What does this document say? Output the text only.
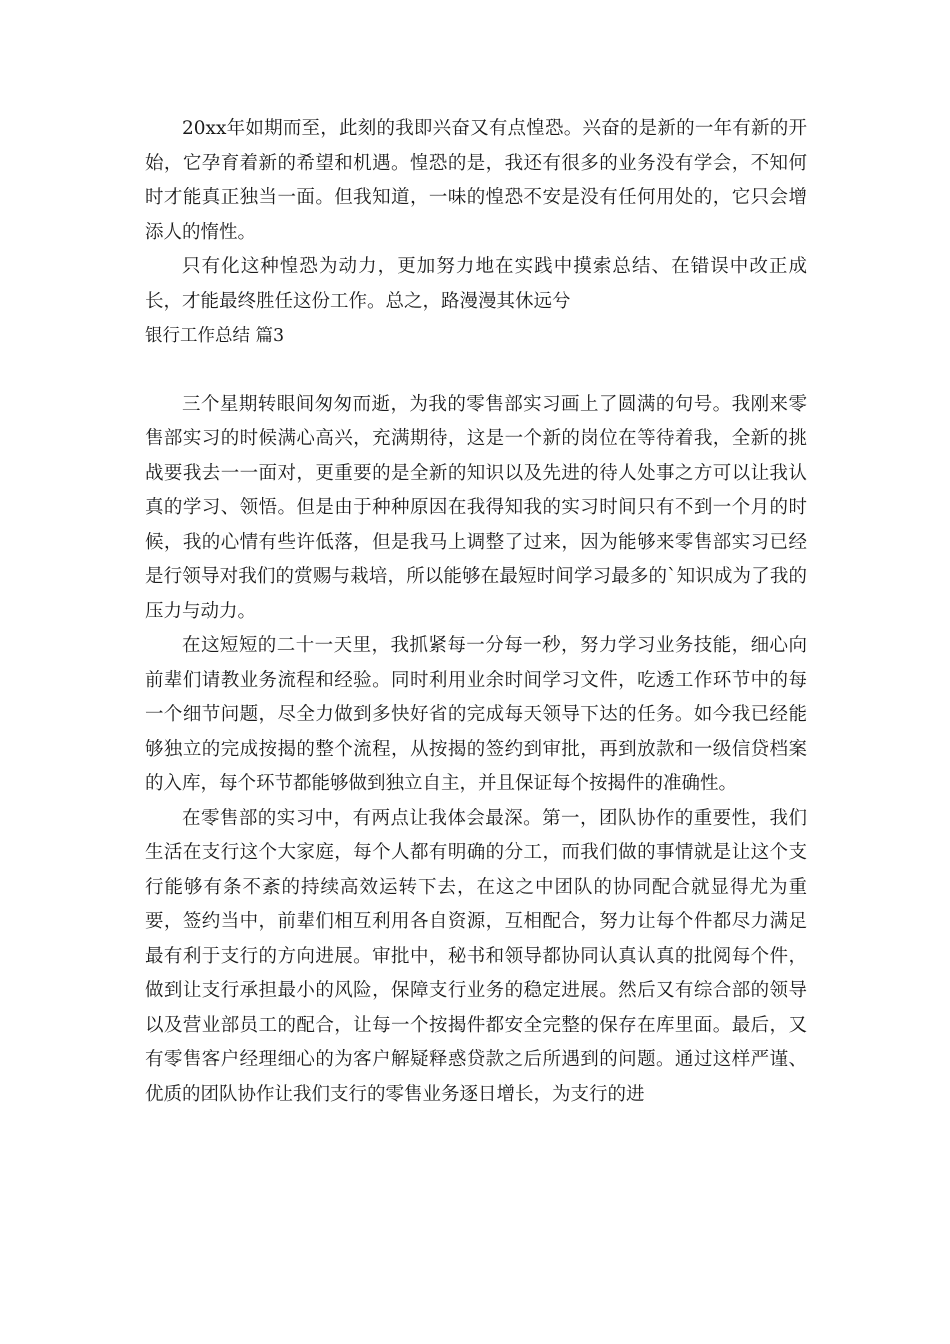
20xx年如期而至，此刻的我即兴奋又有点惶恐。兴奋的是新的一年有新的开始，它孕育着新的希望和机遇。惶恐的是，我还有很多的业务没有学会，不知何时才能真正独当一面。但我知道，一味的惶恐不安是没有任何用处的，它只会增添人的惰性。

只有化这种惶恐为动力，更加努力地在实践中摸索总结、在错误中改正成长，才能最终胜任这份工作。总之，路漫漫其休远兮

银行工作总结 篇3

三个星期转眼间匆匆而逝，为我的零售部实习画上了圆满的句号。我刚来零售部实习的时候满心高兴，充满期待，这是一个新的岗位在等待着我，全新的挑战要我去一一面对，更重要的是全新的知识以及先进的待人处事之方可以让我认真的学习、领悟。但是由于种种原因在我得知我的实习时间只有不到一个月的时候，我的心情有些许低落，但是我马上调整了过来，因为能够来零售部实习已经是行领导对我们的赏赐与栽培，所以能够在最短时间学习最多的`知识成为了我的压力与动力。

在这短短的二十一天里，我抓紧每一分每一秒，努力学习业务技能，细心向前辈们请教业务流程和经验。同时利用业余时间学习文件，吃透工作环节中的每一个细节问题，尽全力做到多快好省的完成每天领导下达的任务。如今我已经能够独立的完成按揭的整个流程，从按揭的签约到审批，再到放款和一级信贷档案的入库，每个环节都能够做到独立自主，并且保证每个按揭件的准确性。

在零售部的实习中，有两点让我体会最深。第一，团队协作的重要性，我们生活在支行这个大家庭，每个人都有明确的分工，而我们做的事情就是让这个支行能够有条不紊的持续高效运转下去，在这之中团队的协同配合就显得尤为重要，签约当中，前辈们相互利用各自资源，互相配合，努力让每个件都尽力满足最有利于支行的方向进展。审批中，秘书和领导都协同认真认真的批阅每个件，做到让支行承担最小的风险，保障支行业务的稳定进展。然后又有综合部的领导以及营业部员工的配合，让每一个按揭件都安全完整的保存在库里面。最后，又有零售客户经理细心的为客户解疑释惑贷款之后所遇到的问题。通过这样严谨、优质的团队协作让我们支行的零售业务逐日增长，为支行的进
